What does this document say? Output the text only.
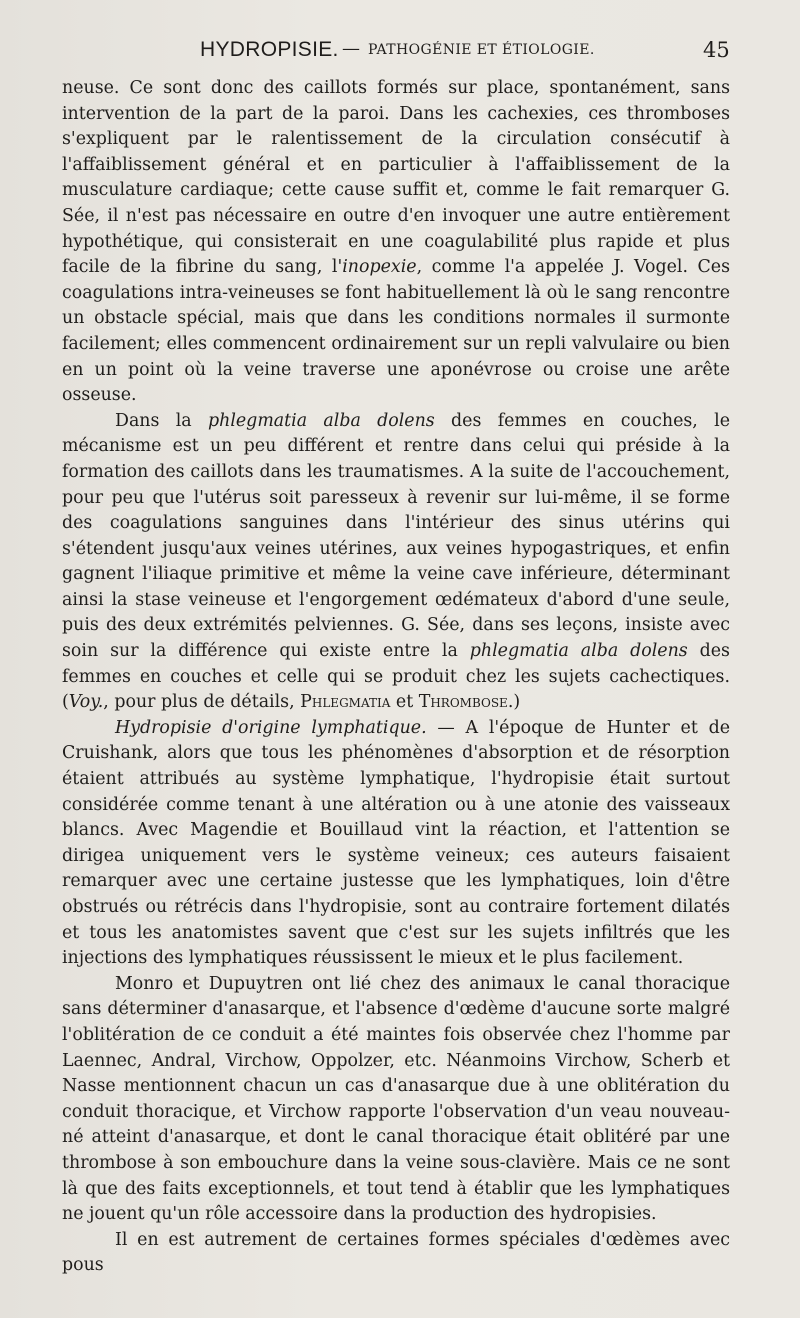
HYDROPISIE. — PATHOGÉNIE ET ÉTIOLOGIE.	45

neuse. Ce sont donc des caillots formés sur place, spontanément, sans intervention de la part de la paroi. Dans les cachexies, ces thromboses s'expliquent par le ralentissement de la circulation consécutif à l'affaiblissement général et en particulier à l'affaiblissement de la musculature cardiaque; cette cause suffit et, comme le fait remarquer G. Sée, il n'est pas nécessaire en outre d'en invoquer une autre entièrement hypothétique, qui consisterait en une coagulabilité plus rapide et plus facile de la fibrine du sang, l'inopexie, comme l'a appelée J. Vogel. Ces coagulations intra-veineuses se font habituellement là où le sang rencontre un obstacle spécial, mais que dans les conditions normales il surmonte facilement; elles commencent ordinairement sur un repli valvulaire ou bien en un point où la veine traverse une aponévrose ou croise une arête osseuse.

Dans la phlegmatia alba dolens des femmes en couches, le mécanisme est un peu différent et rentre dans celui qui préside à la formation des caillots dans les traumatismes. A la suite de l'accouchement, pour peu que l'utérus soit paresseux à revenir sur lui-même, il se forme des coagulations sanguines dans l'intérieur des sinus utérins qui s'étendent jusqu'aux veines utérines, aux veines hypogastriques, et enfin gagnent l'iliaque primitive et même la veine cave inférieure, déterminant ainsi la stase veineuse et l'engorgement œdémateux d'abord d'une seule, puis des deux extrémités pelviennes. G. Sée, dans ses leçons, insiste avec soin sur la différence qui existe entre la phlegmatia alba dolens des femmes en couches et celle qui se produit chez les sujets cachectiques. (Voy., pour plus de détails, Phlegmatia et Thrombose.)

Hydropisie d'origine lymphatique. — A l'époque de Hunter et de Cruishank, alors que tous les phénomènes d'absorption et de résorption étaient attribués au système lymphatique, l'hydropisie était surtout considérée comme tenant à une altération ou à une atonie des vaisseaux blancs. Avec Magendie et Bouillaud vint la réaction, et l'attention se dirigea uniquement vers le système veineux; ces auteurs faisaient remarquer avec une certaine justesse que les lymphatiques, loin d'être obstrués ou rétrécis dans l'hydropisie, sont au contraire fortement dilatés et tous les anatomistes savent que c'est sur les sujets infiltrés que les injections des lymphatiques réussissent le mieux et le plus facilement.

Monro et Dupuytren ont lié chez des animaux le canal thoracique sans déterminer d'anasarque, et l'absence d'œdème d'aucune sorte malgré l'oblitération de ce conduit a été maintes fois observée chez l'homme par Laennec, Andral, Virchow, Oppolzer, etc. Néanmoins Virchow, Scherb et Nasse mentionnent chacun un cas d'anasarque due à une oblitération du conduit thoracique, et Virchow rapporte l'observation d'un veau nouveau-né atteint d'anasarque, et dont le canal thoracique était oblitéré par une thrombose à son embouchure dans la veine sous-clavière. Mais ce ne sont là que des faits exceptionnels, et tout tend à établir que les lymphatiques ne jouent qu'un rôle accessoire dans la production des hydropisies.

Il en est autrement de certaines formes spéciales d'œdèmes avec pous
